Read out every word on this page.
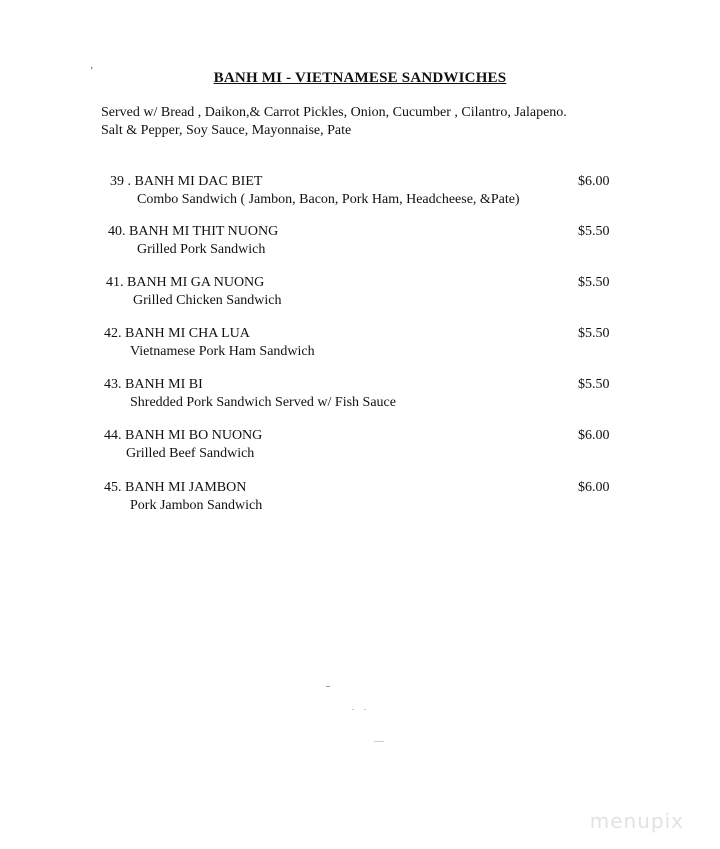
’	BANH MI - VIETNAMESE SANDWICHES
Served w/ Bread , Daikon,& Carrot Pickles, Onion, Cucumber , Cilantro, Jalapeno.
Salt & Pepper, Soy Sauce, Mayonnaise, Pate
39 . BANH MI DAC BIET
Combo Sandwich ( Jambon, Bacon, Pork Ham, Headcheese, &Pate)
$6.00
40. BANH MI THIT NUONG
Grilled Pork Sandwich
$5.50
41. BANH MI GA NUONG
Grilled Chicken Sandwich
$5.50
42. BANH MI CHA LUA
Vietnamese Pork Ham Sandwich
$5.50
43. BANH MI BI
Shredded Pork Sandwich Served w/ Fish Sauce
$5.50
44. BANH MI BO NUONG
Grilled Beef Sandwich
$6.00
45. BANH MI JAMBON
Pork Jambon Sandwich
$6.00
menupix
